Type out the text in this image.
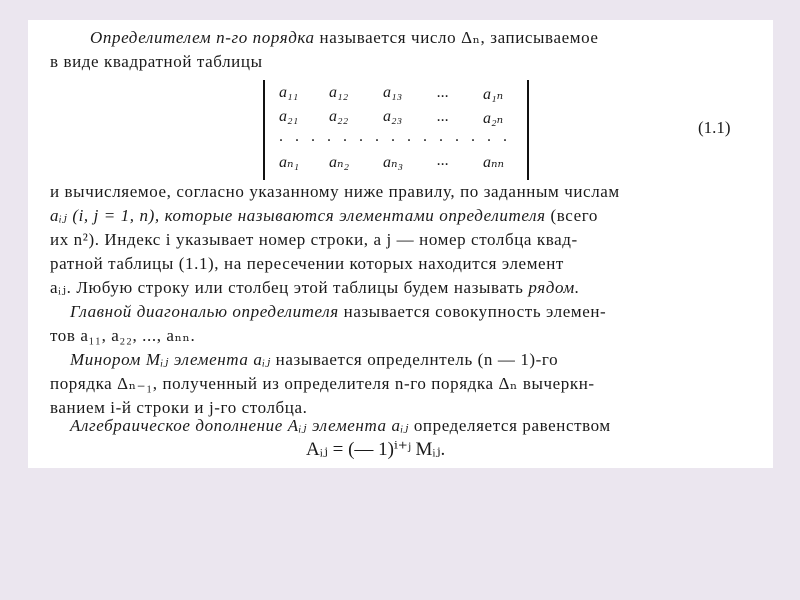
Определителем п-го порядка называется число Δₙ, записываемое
в виде квадратной таблицы
a₁₁ a₁₂ a₁₃ ... a₁ₙ
a₂₁ a₂₂ a₂₃ ... a₂ₙ
. . . . . . . . . . . . . . .
aₙ₁ aₙ₂ aₙ₃ ... aₙₙ
(1.1)
и вычисляемое, согласно указанному ниже правилу, по заданным числам
aᵢⱼ (i, j = 1, n), которые называются элементами определителя (всего
их n²). Индекс i указывает номер строки, а j — номер столбца квад-
ратной таблицы (1.1), на пересечении которых находится элемент
aᵢⱼ. Любую строку или столбец этой таблицы будем называть рядом.
Главной диагональю определителя называется совокупность элемен-
тов a₁₁, a₂₂, ..., aₙₙ.
Минором Mᵢⱼ элемента aᵢⱼ называется определнтель (n — 1)-го
порядка Δₙ₋₁, полученный из определителя n-го порядка Δₙ вычеркн-
ванием i-й строки и j-го столбца.
Алгебраическое дополнение Aᵢⱼ элемента aᵢⱼ определяется равенством
Aᵢⱼ = (— 1)ⁱ⁺ʲ Mᵢⱼ.
